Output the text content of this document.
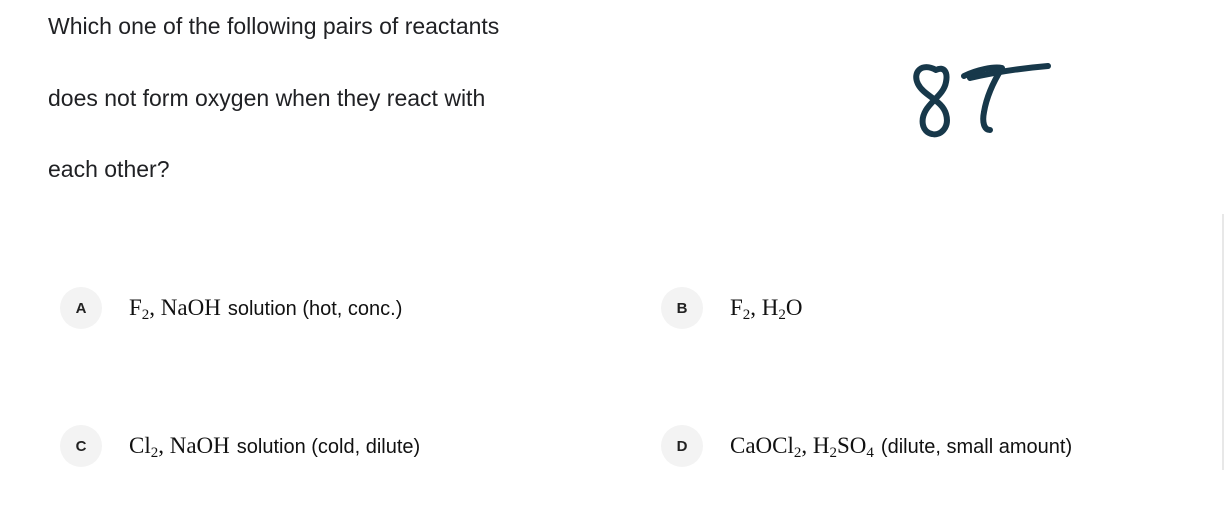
Which one of the following pairs of reactants
does not form oxygen when they react with
each other?
A	$F_2$, NaOH solution (hot, conc.)	B	$F_2$, $H_2O$
C	$Cl_2$, NaOH solution (cold, dilute)	D	CaOCl$_2$, $H_2SO_4$ (dilute, small amount)
